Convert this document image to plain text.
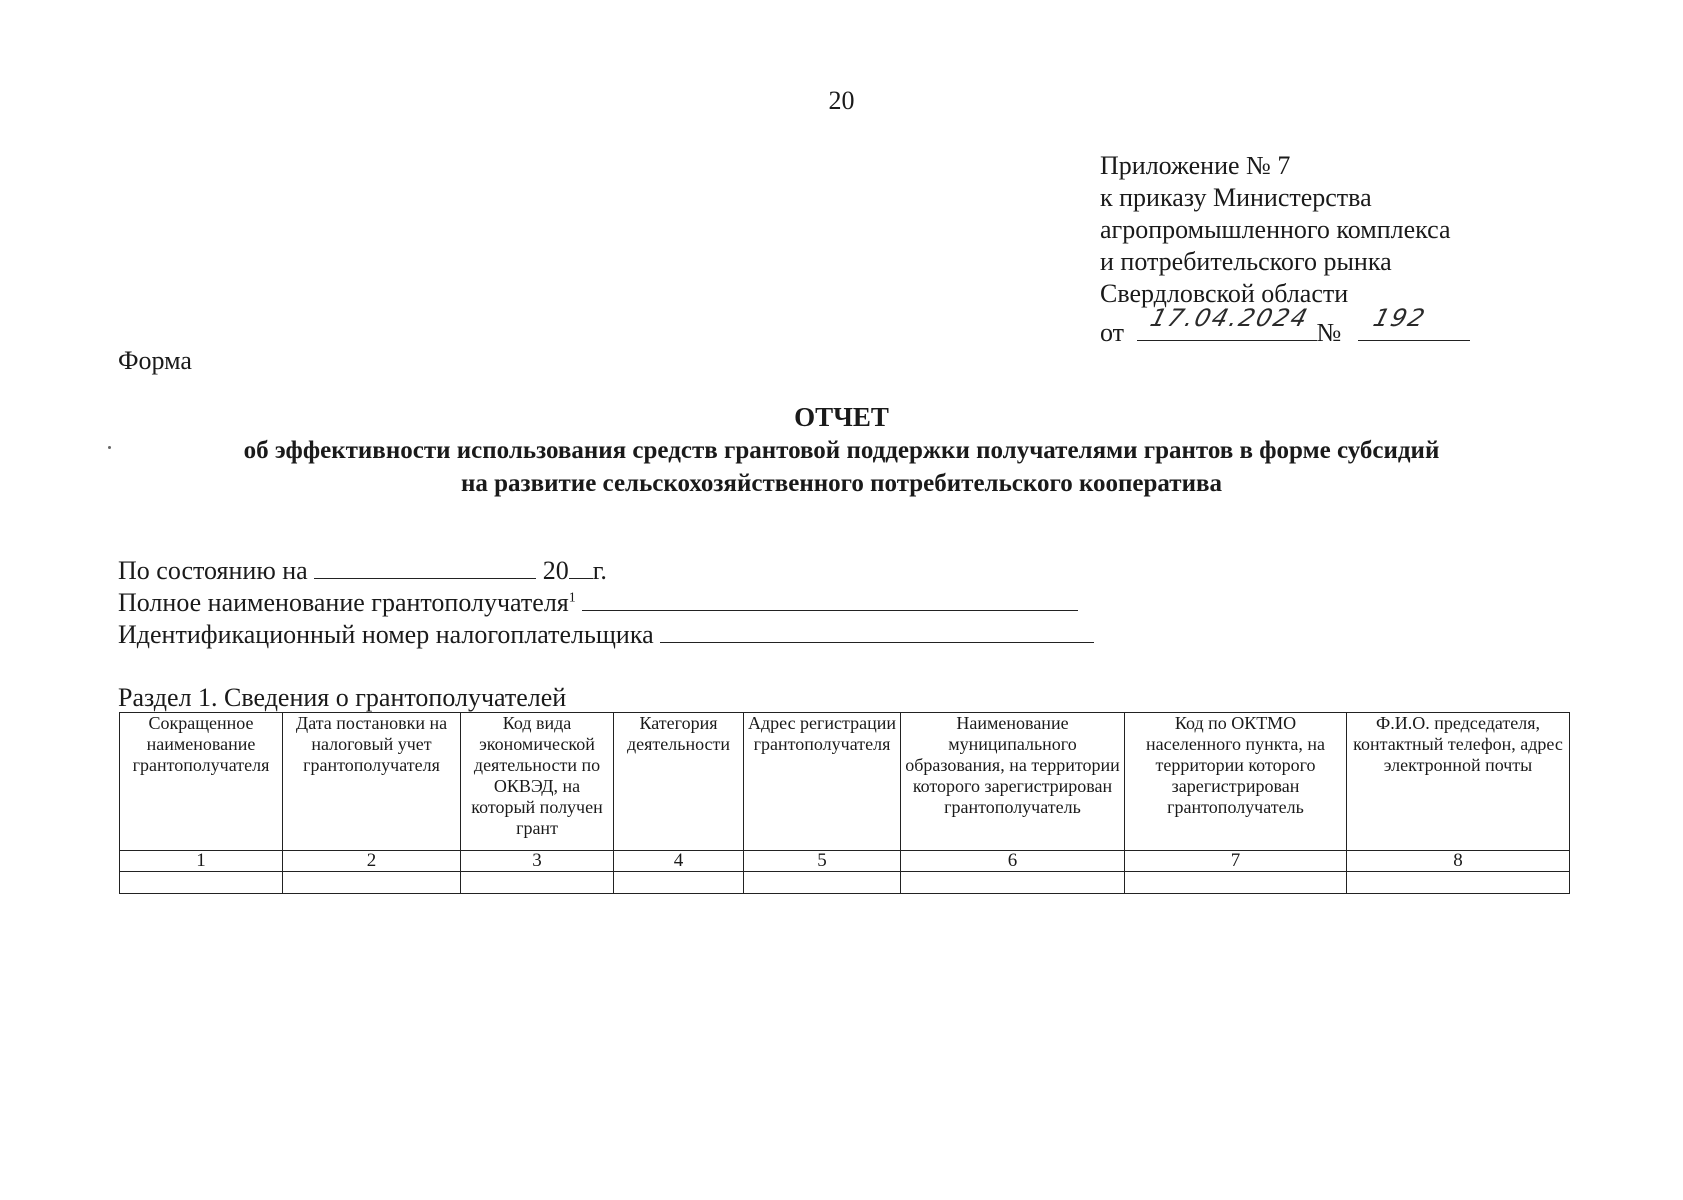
20
Приложение № 7
к приказу Министерства
агропромышленного комплекса
и потребительского рынка
Свердловской области
от 17.04.2024 № 192
Форма
ОТЧЕТ
об эффективности использования средств грантовой поддержки получателями грантов в форме субсидий
на развитие сельскохозяйственного потребительского кооператива
По состоянию на	20 г.
Полное наименование грантополучателя$^1$
Идентификационный номер налогоплательщика
Раздел 1. Сведения о грантополучателей
Сокращенное наименование грантополучателя	Дата постановки на налоговый учет грантополучателя	Код вида экономической деятельности по ОКВЭД, на который получен грант	Категория деятельности	Адрес регистрации грантополучателя	Наименование муниципального образования, на территории которого зарегистрирован грантополучатель	Код по ОКТМО населенного пункта, на территории которого зарегистрирован грантополучатель	Ф.И.О. председателя, контактный телефон, адрес электронной почты
1	2	3	4	5	6	7	8
